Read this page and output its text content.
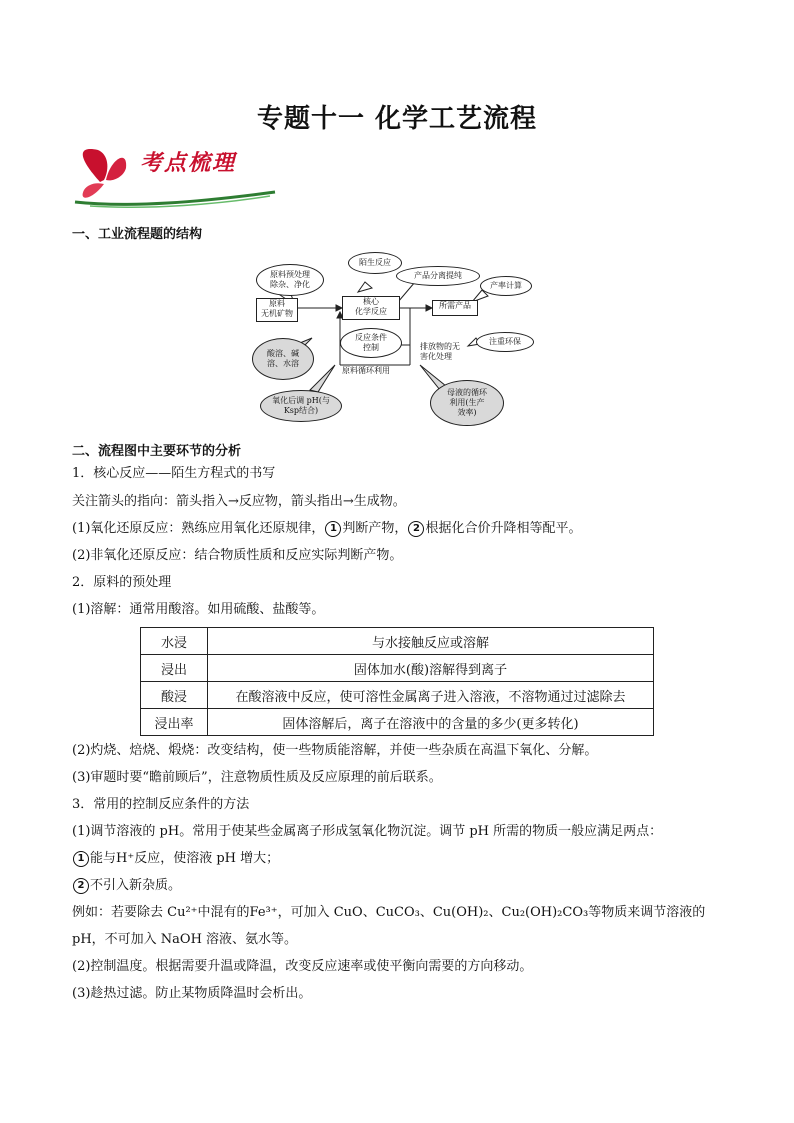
专题十一 化学工艺流程
考点梳理
一、工业流程题的结构
原料
无机矿物
原料预处理
除杂、净化
陌生反应
核心
化学反应
反应条件
控制
产品分离提纯
所需产品
产率计算
排放物的无
害化处理
注重环保
原料循环利用
酸溶、碱
溶、水溶
氧化后调 pH(与
Ksp结合)
母液的循环
利用(生产
效率)
二、流程图中主要环节的分析
1．核心反应——陌生方程式的书写
关注箭头的指向：箭头指入→反应物，箭头指出→生成物。
(1)氧化还原反应：熟练应用氧化还原规律， 1 判断产物， 2 根据化合价升降相等配平。
(2)非氧化还原反应：结合物质性质和反应实际判断产物。
2．原料的预处理
(1)溶解：通常用酸溶。如用硫酸、盐酸等。
水浸	与水接触反应或溶解
浸出	固体加水(酸)溶解得到离子
酸浸	在酸溶液中反应，使可溶性金属离子进入溶液，不溶物通过过滤除去
浸出率	固体溶解后，离子在溶液中的含量的多少(更多转化)
(2)灼烧、焙烧、煅烧：改变结构，使一些物质能溶解，并使一些杂质在高温下氧化、分解。
(3)审题时要“瞻前顾后”，注意物质性质及反应原理的前后联系。
3．常用的控制反应条件的方法
(1)调节溶液的 pH。常用于使某些金属离子形成氢氧化物沉淀。调节 pH 所需的物质一般应满足两点：
1 能与H⁺反应，使溶液 pH 增大；
2 不引入新杂质。
例如：若要除去 Cu²⁺中混有的Fe³⁺，可加入 CuO、CuCO₃、Cu(OH)₂、Cu₂(OH)₂CO₃等物质来调节溶液的
pH，不可加入 NaOH 溶液、氨水等。
(2)控制温度。根据需要升温或降温，改变反应速率或使平衡向需要的方向移动。
(3)趁热过滤。防止某物质降温时会析出。
